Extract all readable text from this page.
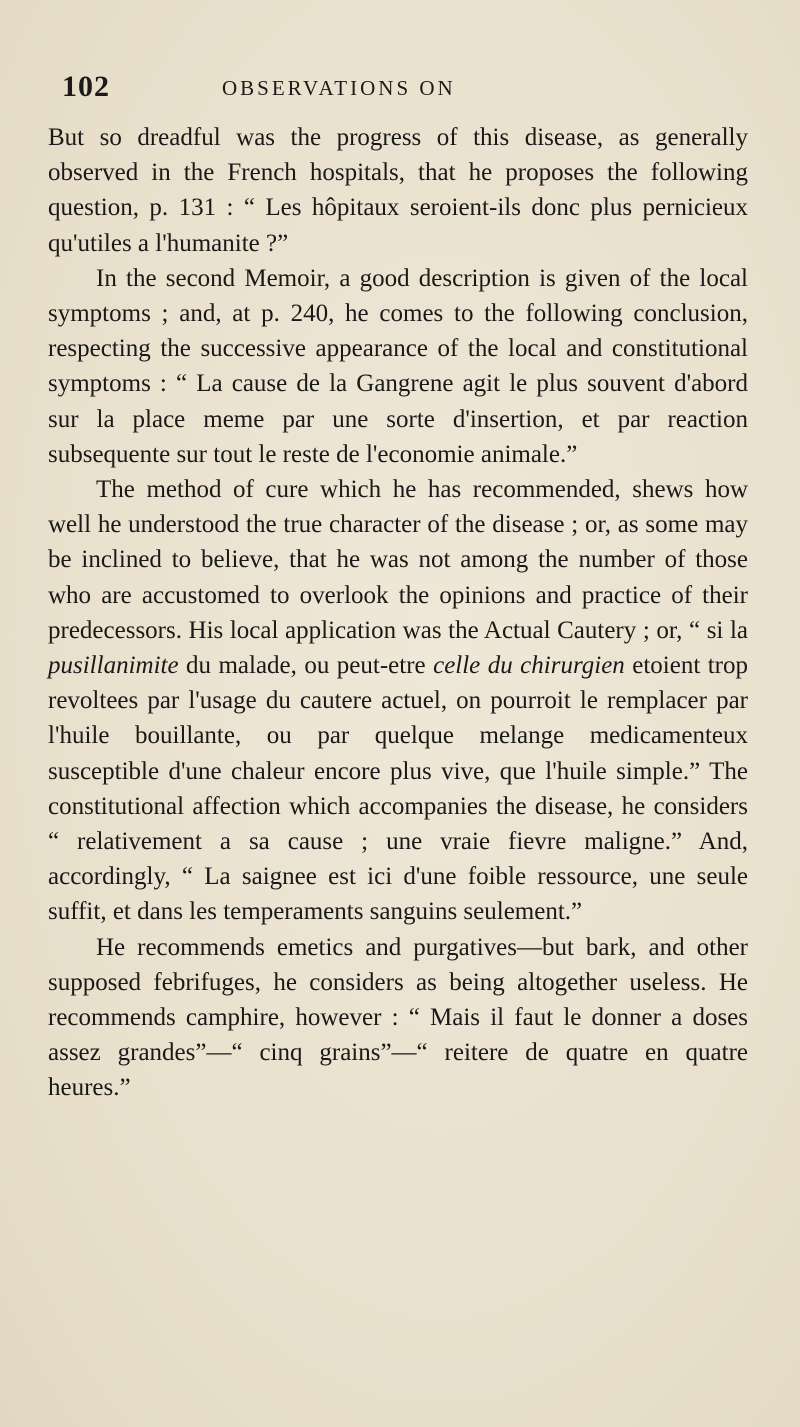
102	OBSERVATIONS ON

But so dreadful was the progress of this disease, as generally observed in the French hospitals, that he proposes the following question, p. 131 : “ Les hôpitaux seroient-ils donc plus pernicieux qu'utiles a l'humanite ?”

In the second Memoir, a good description is given of the local symptoms ; and, at p. 240, he comes to the following conclusion, respecting the successive appearance of the local and constitutional symptoms : “ La cause de la Gangrene agit le plus souvent d'abord sur la place meme par une sorte d'insertion, et par reaction subsequente sur tout le reste de l'economie animale.”

The method of cure which he has recommended, shews how well he understood the true character of the disease ; or, as some may be inclined to believe, that he was not among the number of those who are accustomed to overlook the opinions and practice of their predecessors. His local application was the Actual Cautery ; or, “ si la pusillanimite du malade, ou peut-etre celle du chirurgien etoient trop revoltees par l'usage du cautere actuel, on pourroit le remplacer par l'huile bouillante, ou par quelque melange medicamenteux susceptible d'une chaleur encore plus vive, que l'huile simple.” The constitutional affection which accompanies the disease, he considers “ relativement a sa cause ; une vraie fievre maligne.” And, accordingly, “ La saignee est ici d'une foible ressource, une seule suffit, et dans les temperaments sanguins seulement.”

He recommends emetics and purgatives—but bark, and other supposed febrifuges, he considers as being altogether useless. He recommends camphire, however : “ Mais il faut le donner a doses assez grandes”—“ cinq grains”—“ reitere de quatre en quatre heures.”
